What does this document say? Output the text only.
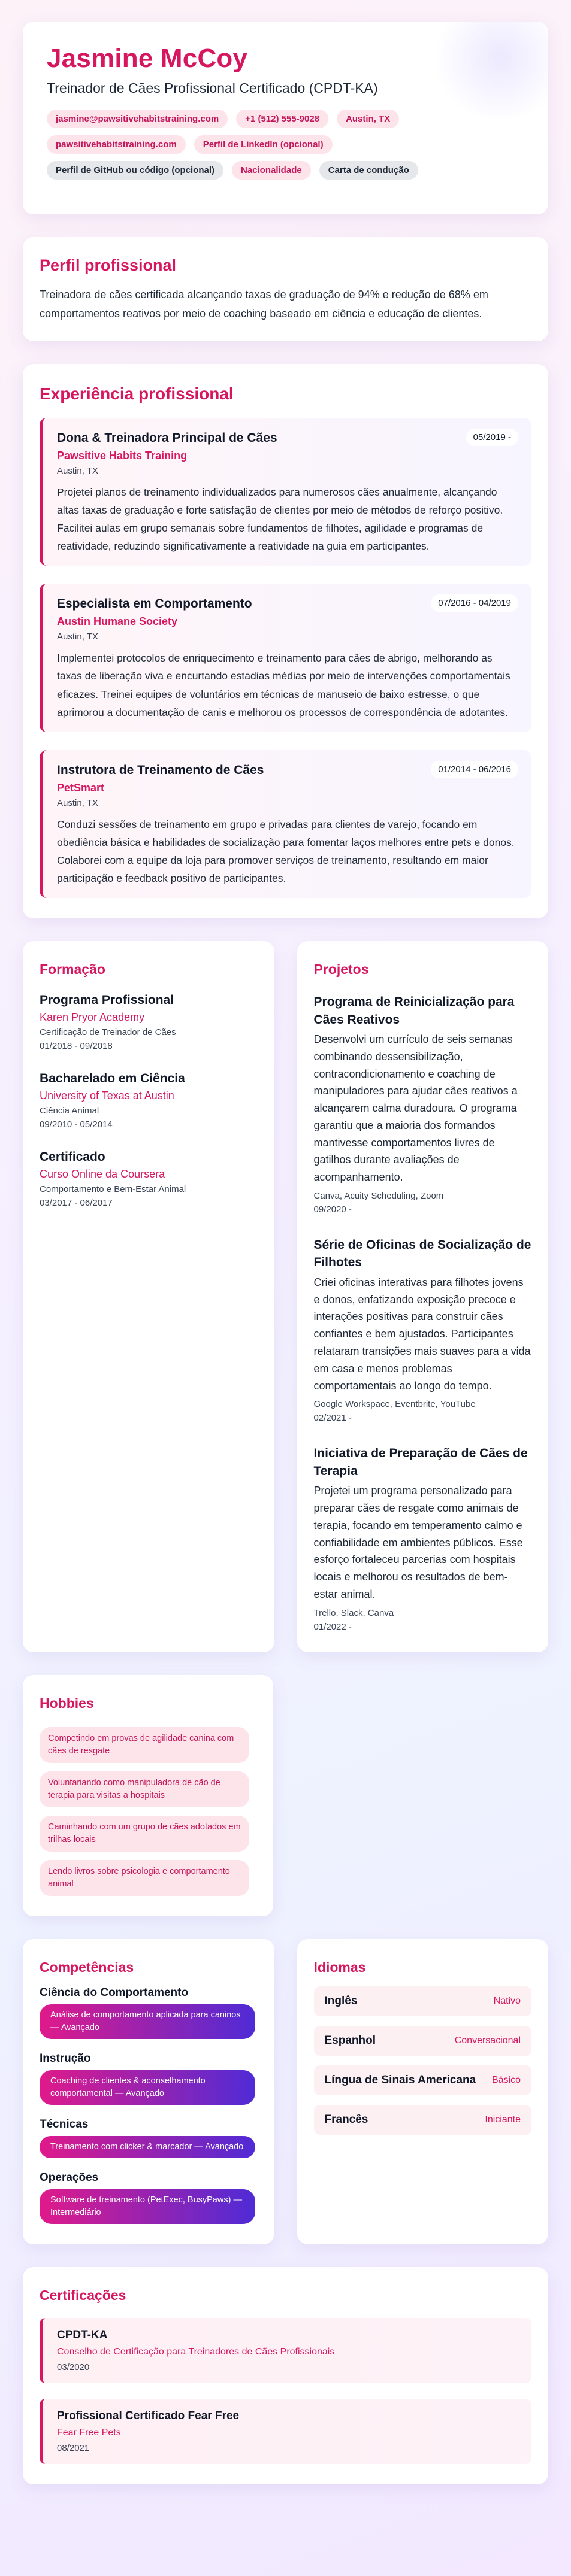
Jasmine McCoy
Treinador de Cães Profissional Certificado (CPDT-KA)
jasmine@pawsitivehabitstraining.com	+1 (512) 555-9028	Austin, TX
pawsitivehabitstraining.com	Perfil de LinkedIn (opcional)
Perfil de GitHub ou código (opcional)	Nacionalidade	Carta de condução
Perfil profissional
Treinadora de cães certificada alcançando taxas de graduação de 94% e redução de 68% em comportamentos reativos por meio de coaching baseado em ciência e educação de clientes.
Experiência profissional
Dona & Treinadora Principal de Cães	05/2019 -
Pawsitive Habits Training
Austin, TX
Projetei planos de treinamento individualizados para numerosos cães anualmente, alcançando altas taxas de graduação e forte satisfação de clientes por meio de métodos de reforço positivo. Facilitei aulas em grupo semanais sobre fundamentos de filhotes, agilidade e programas de reatividade, reduzindo significativamente a reatividade na guia em participantes.
Especialista em Comportamento	07/2016 - 04/2019
Austin Humane Society
Austin, TX
Implementei protocolos de enriquecimento e treinamento para cães de abrigo, melhorando as taxas de liberação viva e encurtando estadias médias por meio de intervenções comportamentais eficazes. Treinei equipes de voluntários em técnicas de manuseio de baixo estresse, o que aprimorou a documentação de canis e melhorou os processos de correspondência de adotantes.
Instrutora de Treinamento de Cães	01/2014 - 06/2016
PetSmart
Austin, TX
Conduzi sessões de treinamento em grupo e privadas para clientes de varejo, focando em obediência básica e habilidades de socialização para fomentar laços melhores entre pets e donos. Colaborei com a equipe da loja para promover serviços de treinamento, resultando em maior participação e feedback positivo de participantes.
Formação
Programa Profissional
Karen Pryor Academy
Certificação de Treinador de Cães
01/2018 - 09/2018
Bacharelado em Ciência
University of Texas at Austin
Ciência Animal
09/2010 - 05/2014
Certificado
Curso Online da Coursera
Comportamento e Bem-Estar Animal
03/2017 - 06/2017
Projetos
Programa de Reinicialização para Cães Reativos
Desenvolvi um currículo de seis semanas combinando dessensibilização, contracondicionamento e coaching de manipuladores para ajudar cães reativos a alcançarem calma duradoura. O programa garantiu que a maioria dos formandos mantivesse comportamentos livres de gatilhos durante avaliações de acompanhamento.
Canva, Acuity Scheduling, Zoom
09/2020 -
Série de Oficinas de Socialização de Filhotes
Criei oficinas interativas para filhotes jovens e donos, enfatizando exposição precoce e interações positivas para construir cães confiantes e bem ajustados. Participantes relataram transições mais suaves para a vida em casa e menos problemas comportamentais ao longo do tempo.
Google Workspace, Eventbrite, YouTube
02/2021 -
Iniciativa de Preparação de Cães de Terapia
Projetei um programa personalizado para preparar cães de resgate como animais de terapia, focando em temperamento calmo e confiabilidade em ambientes públicos. Esse esforço fortaleceu parcerias com hospitais locais e melhorou os resultados de bem-estar animal.
Trello, Slack, Canva
01/2022 -
Hobbies
Competindo em provas de agilidade canina com cães de resgate
Voluntariando como manipuladora de cão de terapia para visitas a hospitais
Caminhando com um grupo de cães adotados em trilhas locais
Lendo livros sobre psicologia e comportamento animal
Competências
Ciência do Comportamento
Análise de comportamento aplicada para caninos — Avançado
Instrução
Coaching de clientes & aconselhamento comportamental — Avançado
Técnicas
Treinamento com clicker & marcador — Avançado
Operações
Software de treinamento (PetExec, BusyPaws) — Intermediário
Idiomas
Inglês	Nativo
Espanhol	Conversacional
Língua de Sinais Americana Básico
Francês	Iniciante
Certificações
CPDT-KA
Conselho de Certificação para Treinadores de Cães Profissionais
03/2020
Profissional Certificado Fear Free
Fear Free Pets
08/2021
